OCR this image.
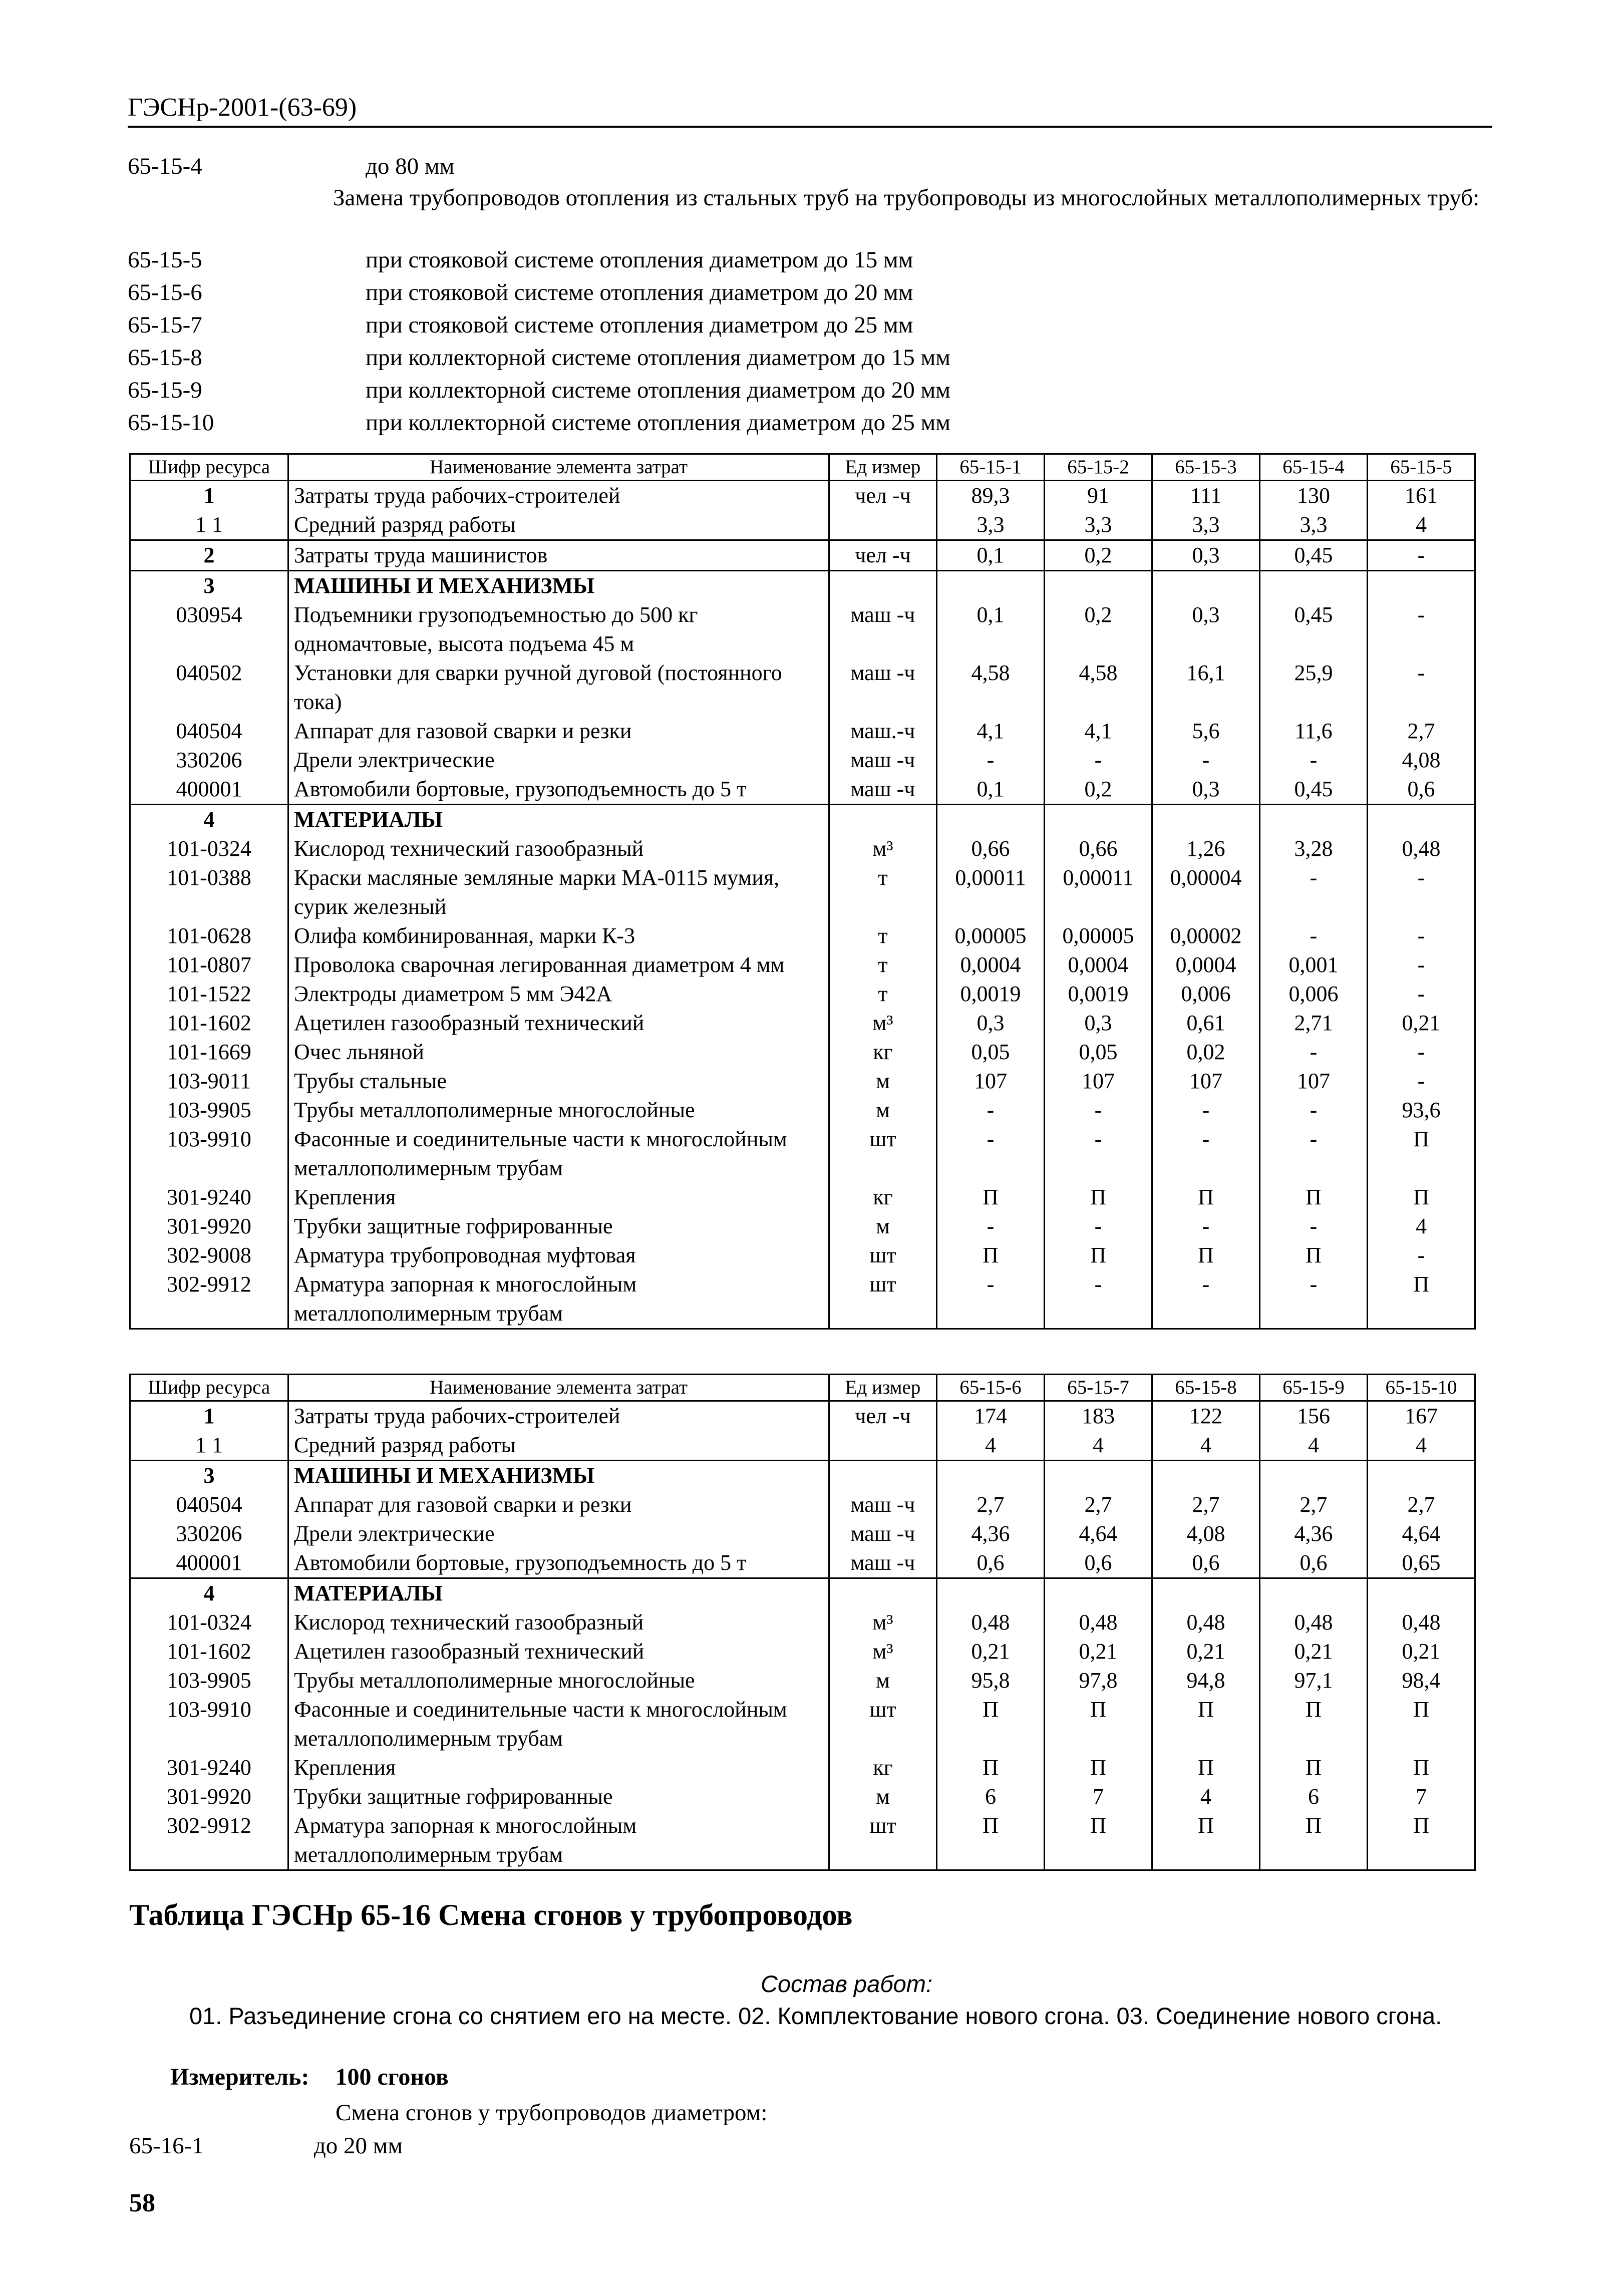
ГЭСНр-2001-(63-69)
65-15-4	до 80 мм
Замена трубопроводов отопления из стальных труб на трубопроводы из многослойных металлополимерных труб:
65-15-5	при стояковой системе отопления диаметром до 15 мм
65-15-6	при стояковой системе отопления диаметром до 20 мм
65-15-7	при стояковой системе отопления диаметром до 25 мм
65-15-8	при коллекторной системе отопления диаметром до 15 мм
65-15-9	при коллекторной системе отопления диаметром до 20 мм
65-15-10	при коллекторной системе отопления диаметром до 25 мм
Шифр ресурса	Наименование элемента затрат	Ед измер	65-15-1	65-15-2	65-15-3	65-15-4	65-15-5
1	Затраты труда рабочих-строителей	чел -ч	89,3	91	111	130	161
1 1	Средний разряд работы		3,3	3,3	3,3	3,3	4
2	Затраты труда машинистов	чел -ч	0,1	0,2	0,3	0,45	-
3	МАШИНЫ И МЕХАНИЗМЫ						
030954	Подъемники грузоподъемностью до 500 кг одномачтовые, высота подъема 45 м	маш -ч	0,1	0,2	0,3	0,45	-
040502	Установки для сварки ручной дуговой (постоянного тока)	маш -ч	4,58	4,58	16,1	25,9	-
040504	Аппарат для газовой сварки и резки	маш.-ч	4,1	4,1	5,6	11,6	2,7
330206	Дрели электрические	маш -ч	-	-	-	-	4,08
400001	Автомобили бортовые, грузоподъемность до 5 т	маш -ч	0,1	0,2	0,3	0,45	0,6
4	МАТЕРИАЛЫ						
101-0324	Кислород технический газообразный	м³	0,66	0,66	1,26	3,28	0,48
101-0388	Краски масляные земляные марки МА-0115 мумия, сурик железный	т	0,00011	0,00011	0,00004	-	-
101-0628	Олифа комбинированная, марки К-3	т	0,00005	0,00005	0,00002	-	-
101-0807	Проволока сварочная легированная диаметром 4 мм	т	0,0004	0,0004	0,0004	0,001	-
101-1522	Электроды диаметром 5 мм Э42А	т	0,0019	0,0019	0,006	0,006	-
101-1602	Ацетилен газообразный технический	м³	0,3	0,3	0,61	2,71	0,21
101-1669	Очес льняной	кг	0,05	0,05	0,02	-	-
103-9011	Трубы стальные	м	107	107	107	107	-
103-9905	Трубы металлополимерные многослойные	м	-	-	-	-	93,6
103-9910	Фасонные и соединительные части к многослойным металлополимерным трубам	шт	-	-	-	-	П
301-9240	Крепления	кг	П	П	П	П	П
301-9920	Трубки защитные гофрированные	м	-	-	-	-	4
302-9008	Арматура трубопроводная муфтовая	шт	П	П	П	П	-
302-9912	Арматура запорная к многослойным металлополимерным трубам	шт	-	-	-	-	П
Шифр ресурса	Наименование элемента затрат	Ед измер	65-15-6	65-15-7	65-15-8	65-15-9	65-15-10
1	Затраты труда рабочих-строителей	чел -ч	174	183	122	156	167
1 1	Средний разряд работы		4	4	4	4	4
3	МАШИНЫ И МЕХАНИЗМЫ						
040504	Аппарат для газовой сварки и резки	маш -ч	2,7	2,7	2,7	2,7	2,7
330206	Дрели электрические	маш -ч	4,36	4,64	4,08	4,36	4,64
400001	Автомобили бортовые, грузоподъемность до 5 т	маш -ч	0,6	0,6	0,6	0,6	0,65
4	МАТЕРИАЛЫ						
101-0324	Кислород технический газообразный	м³	0,48	0,48	0,48	0,48	0,48
101-1602	Ацетилен газообразный технический	м³	0,21	0,21	0,21	0,21	0,21
103-9905	Трубы металлополимерные многослойные	м	95,8	97,8	94,8	97,1	98,4
103-9910	Фасонные и соединительные части к многослойным металлополимерным трубам	шт	П	П	П	П	П
301-9240	Крепления	кг	П	П	П	П	П
301-9920	Трубки защитные гофрированные	м	6	7	4	6	7
302-9912	Арматура запорная к многослойным металлополимерным трубам	шт	П	П	П	П	П
Таблица ГЭСНр 65-16 Смена сгонов у трубопроводов
Состав работ:
01. Разъединение сгона со снятием его на месте. 02. Комплектование нового сгона. 03. Соединение нового сгона.
Измеритель: 100 сгонов
Смена сгонов у трубопроводов диаметром:
65-16-1	до 20 мм
58
